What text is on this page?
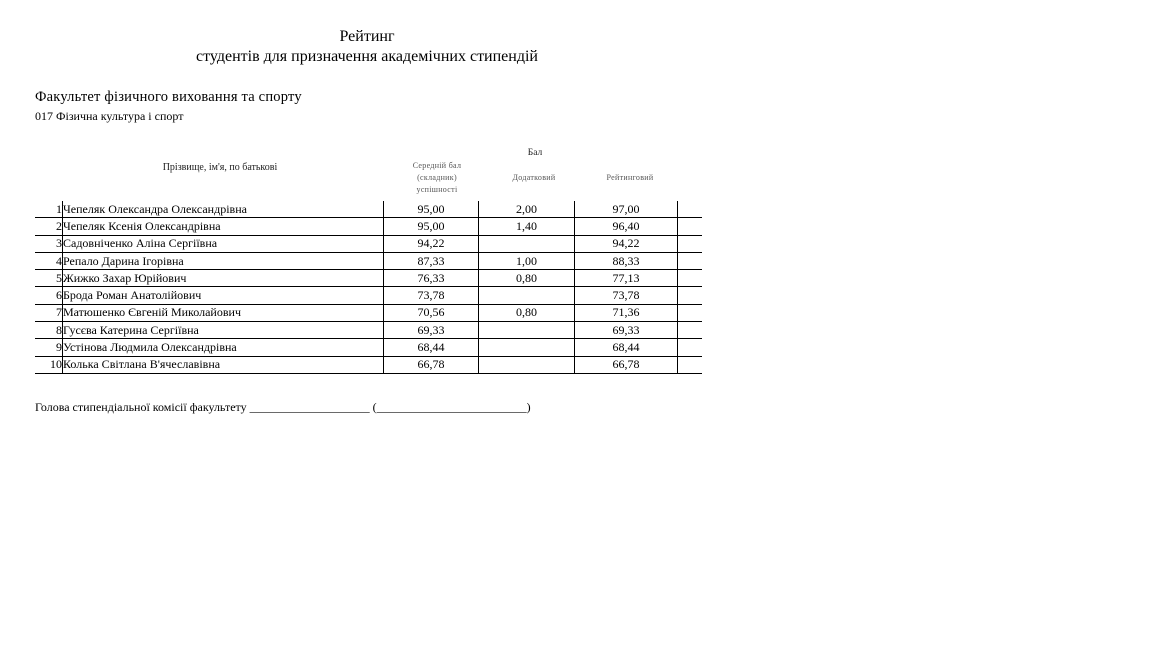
Рейтинг
студентів для призначення академічних стипендій
Факультет фізичного виховання та спорту
017 Фізична культура і спорт
Прізвище, ім'я, по батькові
Бал
Середній бал
(складник)
успішності
Додатковий	Рейтинговий
1	Чепеляк Олександра Олександрівна	95,00	2,00	97,00	
2	Чепеляк Ксенія Олександрівна	95,00	1,40	96,40	
3	Садовніченко Аліна Сергіївна	94,22		94,22	
4	Репало Дарина Ігорівна	87,33	1,00	88,33	
5	Жижко Захар Юрійович	76,33	0,80	77,13	
6	Брода Роман Анатолійович	73,78		73,78	
7	Матюшенко Євгеній Миколайович	70,56	0,80	71,36	
8	Гусєва Катерина Сергіївна	69,33		69,33	
9	Устінова Людмила Олександрівна	68,44		68,44	
10	Колька Світлана В'ячеславівна	66,78		66,78	
Голова стипендіальної комісії факультету ____________________ (_________________________)
